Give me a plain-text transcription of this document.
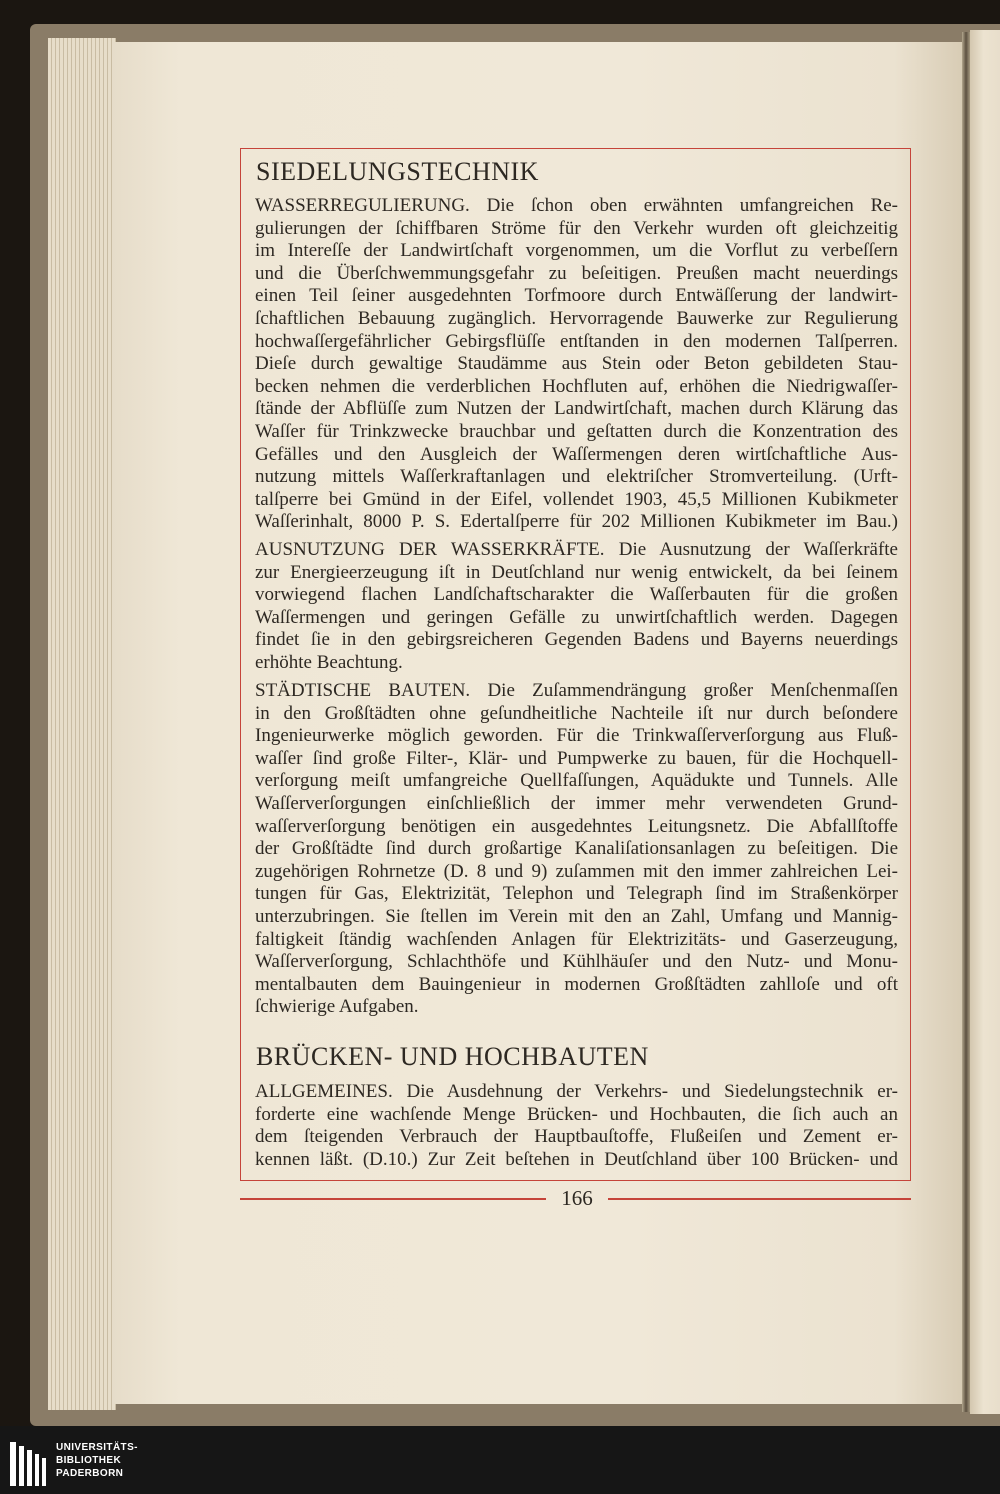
SIEDELUNGSTECHNIK
WASSERREGULIERUNG. Die ſchon oben erwähnten umfangreichen Re-
gulierungen der ſchiffbaren Ströme für den Verkehr wurden oft gleichzeitig
im Intereſſe der Landwirtſchaft vorgenommen, um die Vorflut zu verbeſſern
und die Überſchwemmungsgefahr zu beſeitigen. Preußen macht neuerdings
einen Teil ſeiner ausgedehnten Torfmoore durch Entwäſſerung der landwirt-
ſchaftlichen Bebauung zugänglich. Hervorragende Bauwerke zur Regulierung
hochwaſſergefährlicher Gebirgsflüſſe entſtanden in den modernen Talſperren.
Dieſe durch gewaltige Staudämme aus Stein oder Beton gebildeten Stau-
becken nehmen die verderblichen Hochfluten auf, erhöhen die Niedrigwaſſer-
ſtände der Abflüſſe zum Nutzen der Landwirtſchaft, machen durch Klärung das
Waſſer für Trinkzwecke brauchbar und geſtatten durch die Konzentration des
Gefälles und den Ausgleich der Waſſermengen deren wirtſchaftliche Aus-
nutzung mittels Waſſerkraftanlagen und elektriſcher Stromverteilung. (Urft-
talſperre bei Gmünd in der Eifel, vollendet 1903, 45,5 Millionen Kubikmeter
Waſſerinhalt, 8000 P. S. Edertalſperre für 202 Millionen Kubikmeter im Bau.)
AUSNUTZUNG DER WASSERKRÄFTE. Die Ausnutzung der Waſſerkräfte
zur Energieerzeugung iſt in Deutſchland nur wenig entwickelt, da bei ſeinem
vorwiegend flachen Landſchaftscharakter die Waſſerbauten für die großen
Waſſermengen und geringen Gefälle zu unwirtſchaftlich werden. Dagegen
findet ſie in den gebirgsreicheren Gegenden Badens und Bayerns neuerdings
erhöhte Beachtung.
STÄDTISCHE BAUTEN. Die Zuſammendrängung großer Menſchenmaſſen
in den Großſtädten ohne geſundheitliche Nachteile iſt nur durch beſondere
Ingenieurwerke möglich geworden. Für die Trinkwaſſerverſorgung aus Fluß-
waſſer ſind große Filter-, Klär- und Pumpwerke zu bauen, für die Hochquell-
verſorgung meiſt umfangreiche Quellfaſſungen, Aquädukte und Tunnels. Alle
Waſſerverſorgungen einſchließlich der immer mehr verwendeten Grund-
waſſerverſorgung benötigen ein ausgedehntes Leitungsnetz. Die Abfallſtoffe
der Großſtädte ſind durch großartige Kanaliſationsanlagen zu beſeitigen. Die
zugehörigen Rohrnetze (D. 8 und 9) zuſammen mit den immer zahlreichen Lei-
tungen für Gas, Elektrizität, Telephon und Telegraph ſind im Straßenkörper
unterzubringen. Sie ſtellen im Verein mit den an Zahl, Umfang und Mannig-
faltigkeit ſtändig wachſenden Anlagen für Elektrizitäts- und Gaserzeugung,
Waſſerverſorgung, Schlachthöfe und Kühlhäuſer und den Nutz- und Monu-
mentalbauten dem Bauingenieur in modernen Großſtädten zahlloſe und oft
ſchwierige Aufgaben.
BRÜCKEN- UND HOCHBAUTEN
ALLGEMEINES. Die Ausdehnung der Verkehrs- und Siedelungstechnik er-
forderte eine wachſende Menge Brücken- und Hochbauten, die ſich auch an
dem ſteigenden Verbrauch der Hauptbauſtoffe, Flußeiſen und Zement er-
kennen läßt. (D.10.) Zur Zeit beſtehen in Deutſchland über 100 Brücken- und
166
UNIVERSITÄTS-
BIBLIOTHEK
PADERBORN
